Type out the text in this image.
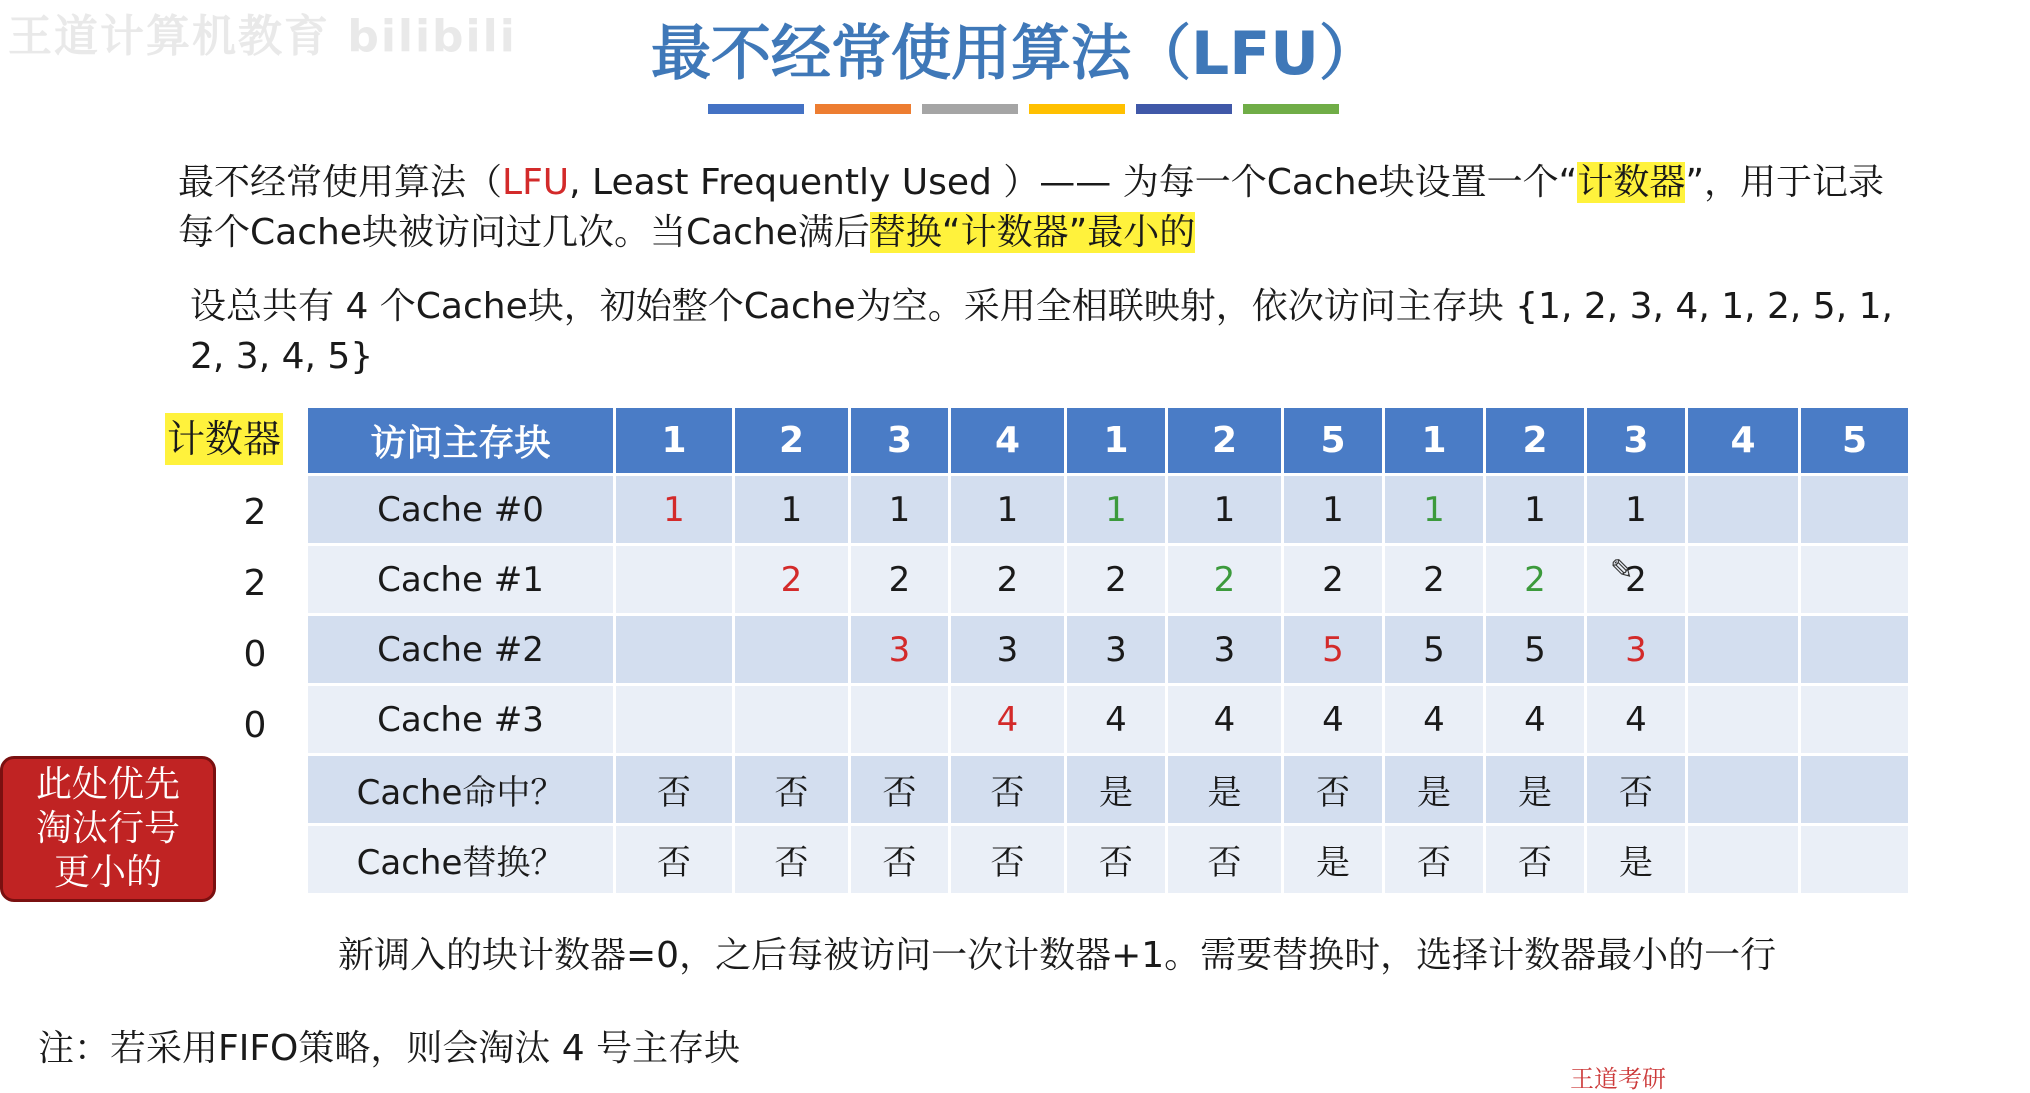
王道计算机教育 bilibili	最不经常使用算法（LFU）
最不经常使用算法（LFU, Least Frequently Used ）—— 为每一个Cache块设置一个“计数器”，用于记录每个Cache块被访问过几次。当Cache满后替换“计数器”最小的
设总共有 4 个Cache块，初始整个Cache为空。采用全相联映射，依次访问主存块 {1, 2, 3, 4, 1, 2, 5, 1, 2, 3, 4, 5}
计数器
2
2
0
0
此处优先淘汰行号更小的
访问主存块	1	2	3	4	1	2	5	1	2	3	4	5
Cache #0	1	1	1	1	1	1	1	1	1	1		
Cache #1		2	2	2	2	2	2	2	2	2		
Cache #2			3	3	3	3	5	5	5	3		
Cache #3				4	4	4	4	4	4	4		
Cache命中？	否	否	否	否	是	是	否	是	是	否		
Cache替换？	否	否	否	否	否	否	是	否	否	是		
✎
新调入的块计数器=0，之后每被访问一次计数器+1。需要替换时，选择计数器最小的一行
注：若采用FIFO策略，则会淘汰 4 号主存块
王道考研
